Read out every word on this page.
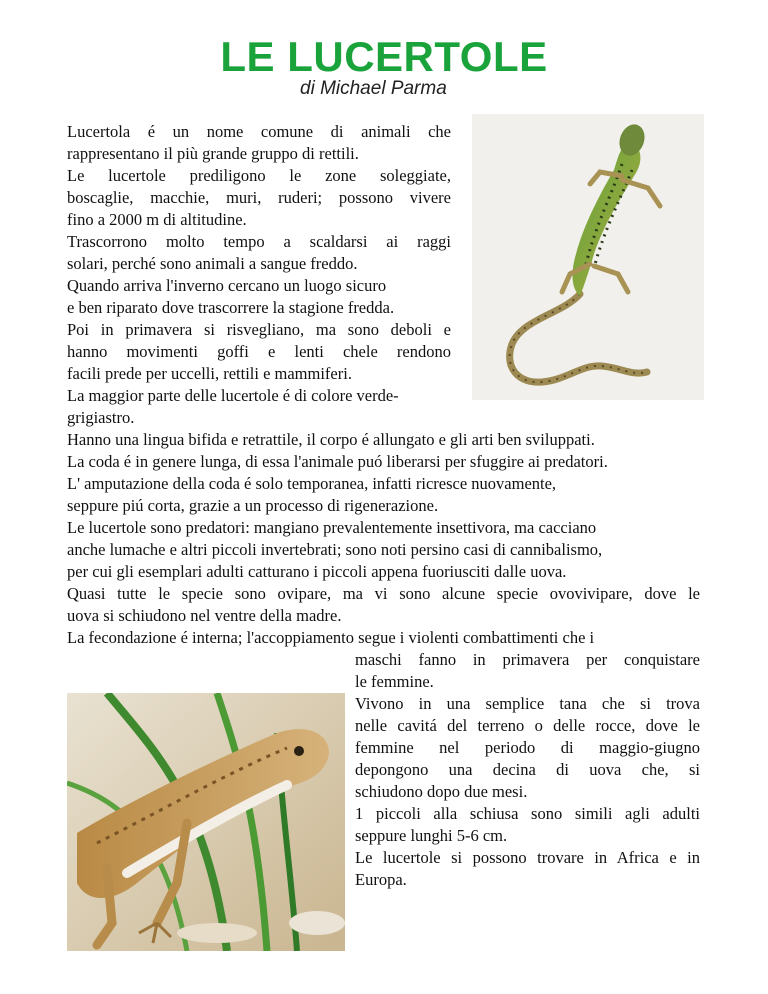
LE LUCERTOLE
di Michael Parma
Lucertola é un nome comune di animali che
rappresentano il più grande gruppo di rettili.
Le lucertole prediligono le zone soleggiate,
boscaglie, macchie, muri, ruderi; possono vivere
fino a 2000 m di altitudine.
Trascorrono molto tempo a scaldarsi ai raggi
solari, perché sono animali a sangue freddo.
Quando arriva l'inverno cercano un luogo sicuro
e ben riparato dove trascorrere la stagione fredda.
Poi in primavera si risvegliano, ma sono deboli e
hanno movimenti goffi e lenti chele rendono
facili prede per uccelli, rettili e mammiferi.
La maggior parte delle lucertole é di colore verde-
grigiastro.
Hanno una lingua bifida e retrattile, il corpo é allungato e gli arti ben sviluppati.
La coda é in genere lunga, di essa l'animale puó liberarsi per sfuggire ai predatori.
L' amputazione della coda é solo temporanea, infatti ricresce nuovamente,
seppure piú corta, grazie a un processo di rigenerazione.
Le lucertole sono predatori: mangiano prevalentemente insettivora, ma cacciano
anche lumache e altri piccoli invertebrati; sono noti persino casi di cannibalismo,
per cui gli esemplari adulti catturano i piccoli appena fuoriusciti dalle uova.
Quasi tutte le specie sono ovipare, ma vi sono alcune specie ovovivipare, dove le
uova si schiudono nel ventre della madre.
La fecondazione é interna; l'accoppiamento segue i violenti combattimenti che i
maschi fanno in primavera per conquistare
le femmine.
Vivono in una semplice tana che si trova
nelle cavitá del terreno o delle rocce, dove le
femmine nel periodo di maggio-giugno
depongono una decina di uova che, si
schiudono dopo due mesi.
1 piccoli alla schiusa sono simili agli adulti
seppure lunghi 5-6 cm.
Le lucertole si possono trovare in Africa e in
Europa.
